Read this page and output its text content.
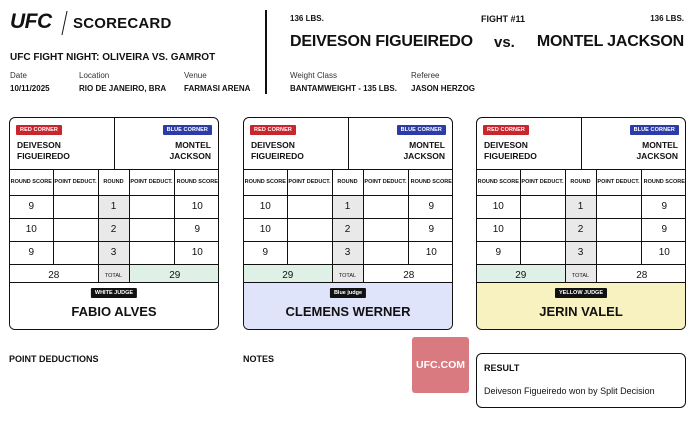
UFC SCORECARD
UFC FIGHT NIGHT: OLIVEIRA VS. GAMROT
Date
10/11/2025
Location
RIO DE JANEIRO, BRA
Venue
FARMASI ARENA
136 LBS.	FIGHT #11	136 LBS.
DEIVESON FIGUEIREDO vs. MONTEL JACKSON
Weight Class
BANTAMWEIGHT - 135 LBS.
Referee
JASON HERZOG
RED CORNER
DEIVESON
FIGUEIREDO
BLUE CORNER
MONTEL
JACKSON
ROUND SCORE	POINT DEDUCT.	ROUND	POINT DEDUCT.	ROUND SCORE
9		1		10
10		2		9
9		3		10
28		TOTAL	29	
WHITE JUDGE
FABIO ALVES
RED CORNER
DEIVESON
FIGUEIREDO
BLUE CORNER
MONTEL
JACKSON
ROUND SCORE	POINT DEDUCT.	ROUND	POINT DEDUCT.	ROUND SCORE
10		1		9
10		2		9
9		3		10
29		TOTAL	28	
Blue judge
CLEMENS WERNER
RED CORNER
DEIVESON
FIGUEIREDO
BLUE CORNER
MONTEL
JACKSON
ROUND SCORE	POINT DEDUCT.	ROUND	POINT DEDUCT.	ROUND SCORE
10		1		9
10		2		9
9		3		10
29		TOTAL	28	
YELLOW JUDGE
JERIN VALEL
POINT DEDUCTIONS	NOTES	UFC.COM	RESULT
Deiveson Figueiredo won by Split Decision
